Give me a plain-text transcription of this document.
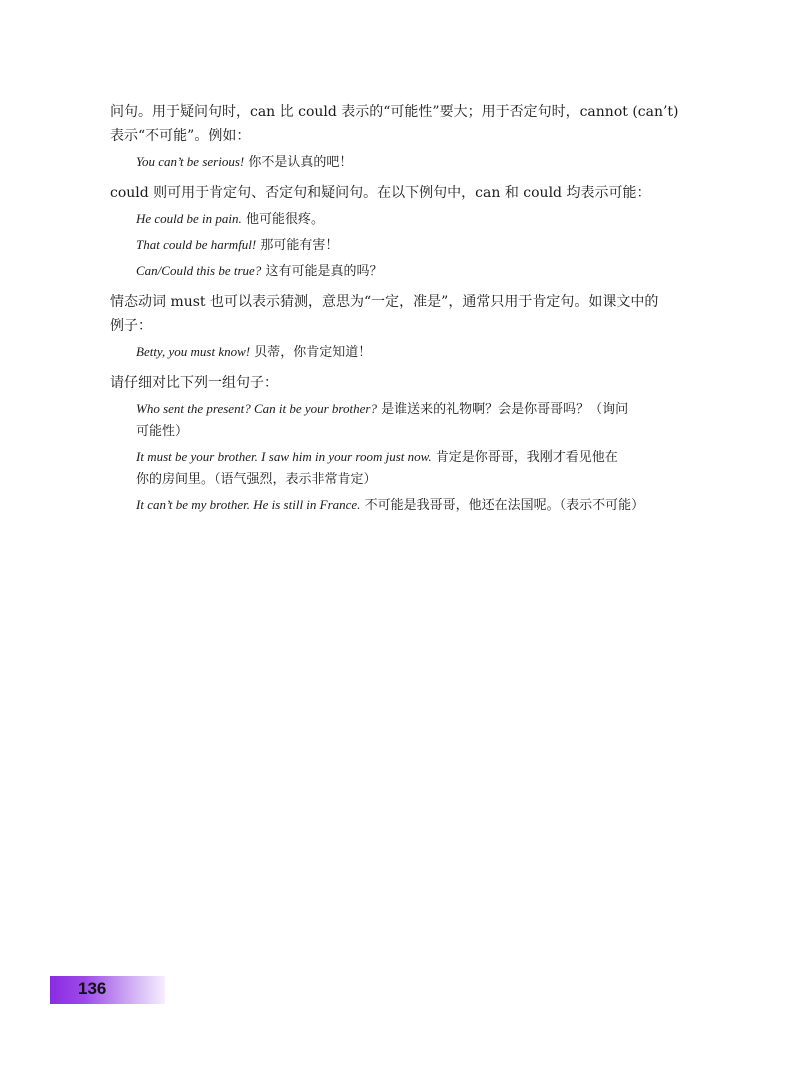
问句。用于疑问句时，can 比 could 表示的“可能性”要大；用于否定句时，cannot (can’t)
表示“不可能”。例如：

You can’t be serious! 你不是认真的吧！

could 则可用于肯定句、否定句和疑问句。在以下例句中，can 和 could 均表示可能：

He could be in pain. 他可能很疼。
That could be harmful! 那可能有害！
Can/Could this be true? 这有可能是真的吗？

情态动词 must 也可以表示猜测，意思为“一定，准是”，通常只用于肯定句。如课文中的
例子：

Betty, you must know! 贝蒂，你肯定知道！

请仔细对比下列一组句子：

Who sent the present? Can it be your brother? 是谁送来的礼物啊？会是你哥哥吗？（询问
可能性）
It must be your brother. I saw him in your room just now. 肯定是你哥哥，我刚才看见他在
你的房间里。（语气强烈，表示非常肯定）
It can’t be my brother. He is still in France. 不可能是我哥哥，他还在法国呢。（表示不可能）
136
